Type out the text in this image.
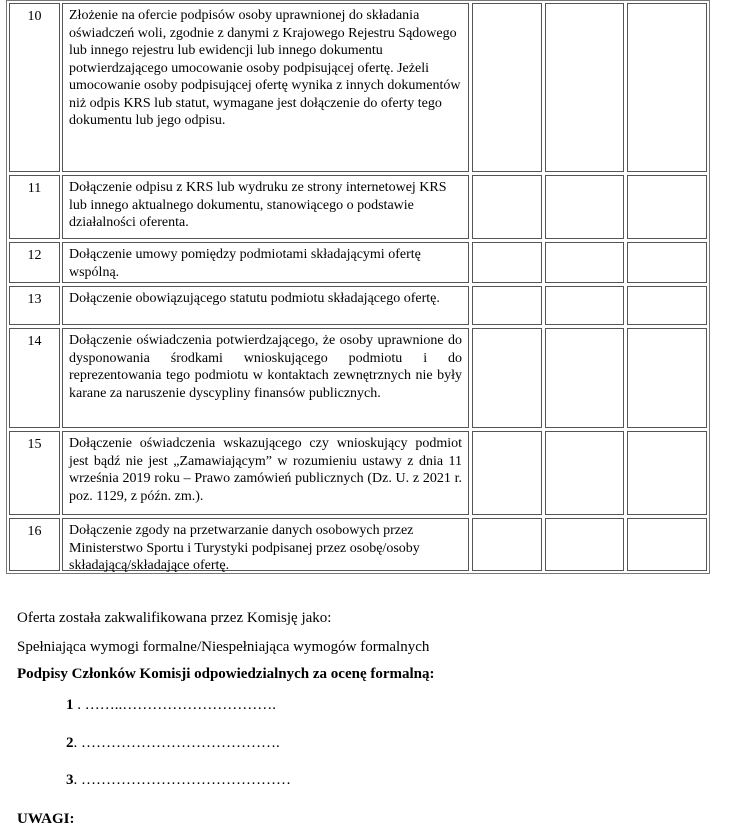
10	Złożenie na ofercie podpisów osoby uprawnionej do składania oświadczeń woli, zgodnie z danymi z Krajowego Rejestru Sądowego lub innego rejestru lub ewidencji lub innego dokumentu potwierdzającego umocowanie osoby podpisującej ofertę. Jeżeli umocowanie osoby podpisującej ofertę wynika z innych dokumentów niż odpis KRS lub statut, wymagane jest dołączenie do oferty tego dokumentu lub jego odpisu.
11	Dołączenie odpisu z KRS lub wydruku ze strony internetowej KRS lub innego aktualnego dokumentu, stanowiącego o podstawie działalności oferenta.
12	Dołączenie umowy pomiędzy podmiotami składającymi ofertę wspólną.
13	Dołączenie obowiązującego statutu podmiotu składającego ofertę.
14	Dołączenie oświadczenia potwierdzającego, że osoby uprawnione do dysponowania środkami wnioskującego podmiotu i do reprezentowania tego podmiotu w kontaktach zewnętrznych nie były karane za naruszenie dyscypliny finansów publicznych.
15	Dołączenie oświadczenia wskazującego czy wnioskujący podmiot jest bądź nie jest „Zamawiającym” w rozumieniu ustawy z dnia 11 września 2019 roku – Prawo zamówień publicznych (Dz. U. z 2021 r. poz. 1129, z późn. zm.).
16	Dołączenie zgody na przetwarzanie danych osobowych przez Ministerstwo Sportu i Turystyki podpisanej przez osobę/osoby składającą/składające ofertę.
Oferta została zakwalifikowana przez Komisję jako:
Spełniająca wymogi formalne/Niespełniająca wymogów formalnych
Podpisy Członków Komisji odpowiedzialnych za ocenę formalną:
1 . ……..………………………….
2. ………………………………….
3. ……………………………………
UWAGI:
